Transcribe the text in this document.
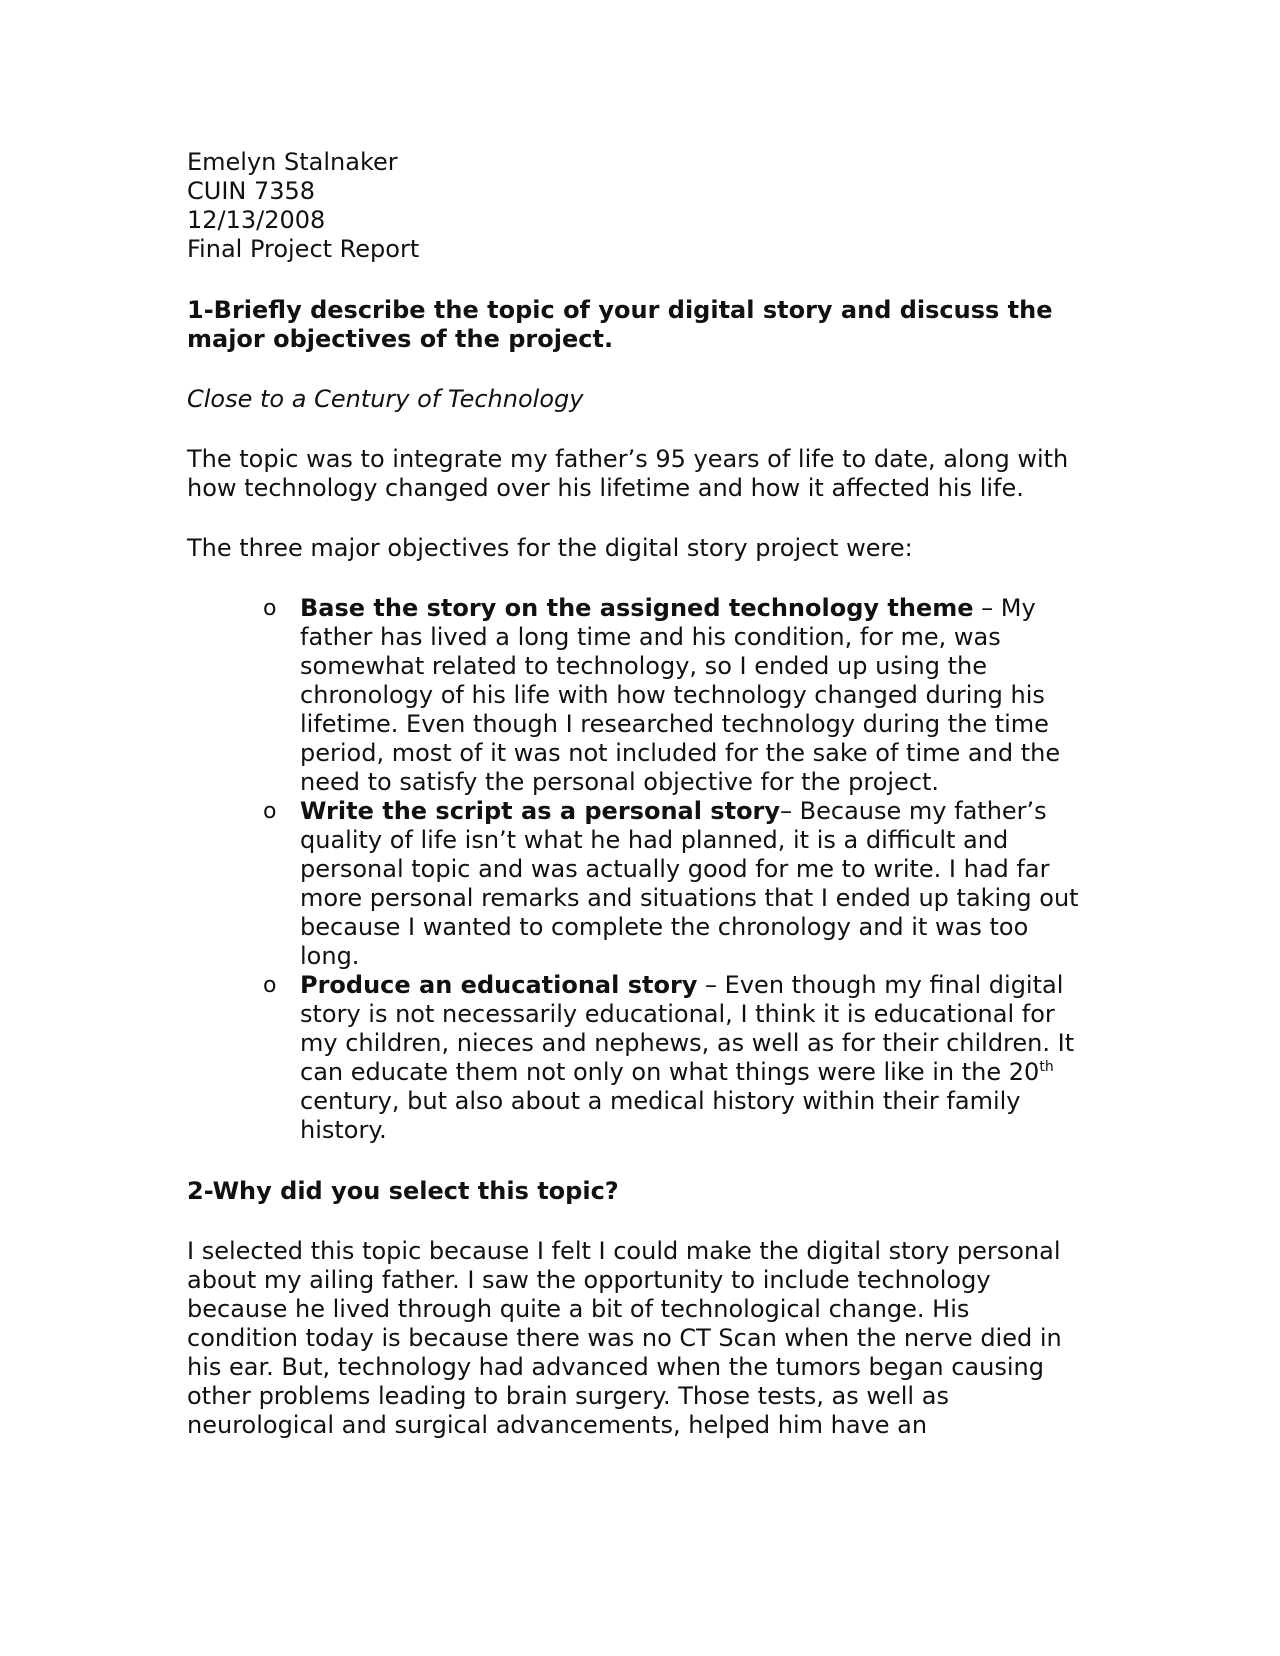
Emelyn Stalnaker
CUIN 7358
12/13/2008
Final Project Report

1-Briefly describe the topic of your digital story and discuss the major objectives of the project.

Close to a Century of Technology

The topic was to integrate my father’s 95 years of life to date, along with how technology changed over his lifetime and how it affected his life.

The three major objectives for the digital story project were:

o Base the story on the assigned technology theme – My father has lived a long time and his condition, for me, was somewhat related to technology, so I ended up using the chronology of his life with how technology changed during his lifetime. Even though I researched technology during the time period, most of it was not included for the sake of time and the need to satisfy the personal objective for the project.
o Write the script as a personal story– Because my father’s quality of life isn’t what he had planned, it is a difficult and personal topic and was actually good for me to write. I had far more personal remarks and situations that I ended up taking out because I wanted to complete the chronology and it was too long.
o Produce an educational story – Even though my final digital story is not necessarily educational, I think it is educational for my children, nieces and nephews, as well as for their children. It can educate them not only on what things were like in the 20th century, but also about a medical history within their family history.

2-Why did you select this topic?

I selected this topic because I felt I could make the digital story personal about my ailing father. I saw the opportunity to include technology because he lived through quite a bit of technological change. His condition today is because there was no CT Scan when the nerve died in his ear. But, technology had advanced when the tumors began causing other problems leading to brain surgery. Those tests, as well as neurological and surgical advancements, helped him have an
